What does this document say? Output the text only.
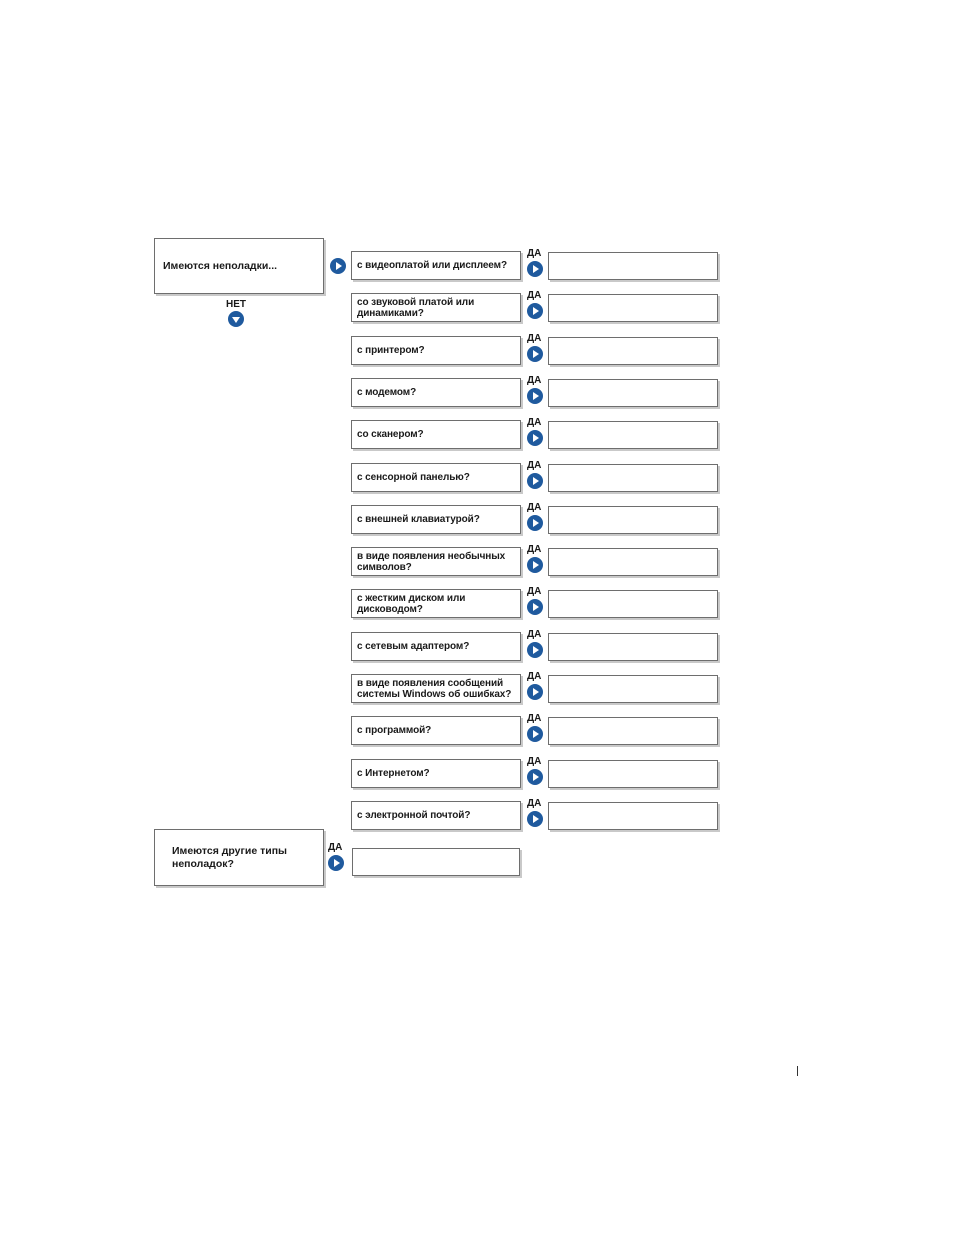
Имеются неполадки...
НЕТ
с видеоплатой или дисплеем?
ДА
со звуковой платой или динамиками?
ДА
с принтером?
ДА
с модемом?
ДА
со сканером?
ДА
с сенсорной панелью?
ДА
с внешней клавиатурой?
ДА
в виде появления необычных символов?
ДА
с жестким диском или дисководом?
ДА
с сетевым адаптером?
ДА
в виде появления сообщений системы Windows об ошибках?
ДА
с программой?
ДА
с Интернетом?
ДА
с электронной почтой?
ДА
Имеются другие типы неполадок?
ДА
